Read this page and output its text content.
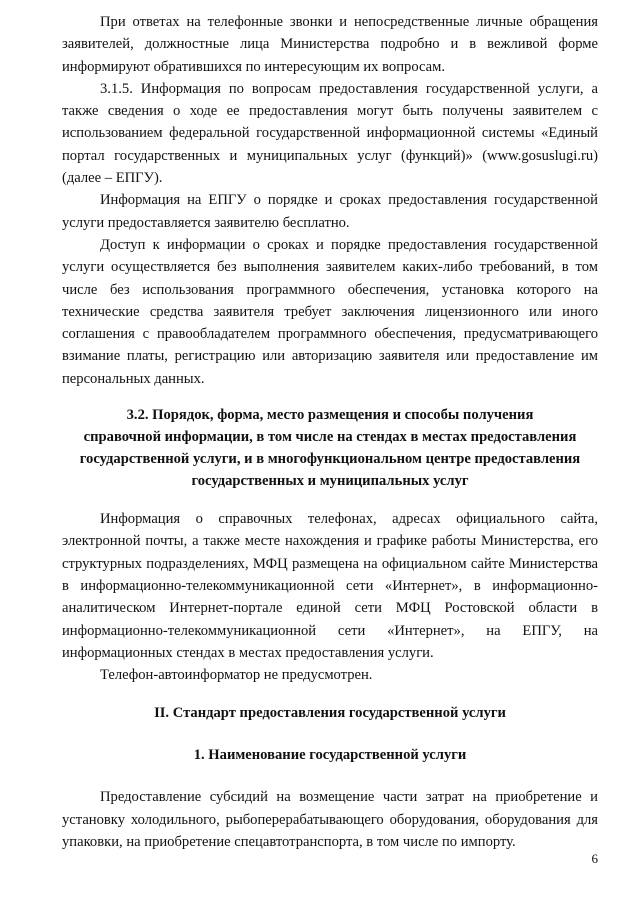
При ответах на телефонные звонки и непосредственные личные обращения заявителей, должностные лица Министерства подробно и в вежливой форме информируют обратившихся по интересующим их вопросам.

3.1.5. Информация по вопросам предоставления государственной услуги, а также сведения о ходе ее предоставления могут быть получены заявителем с использованием федеральной государственной информационной системы «Единый портал государственных и муниципальных услуг (функций)» (www.gosuslugi.ru) (далее – ЕПГУ).

Информация на ЕПГУ о порядке и сроках предоставления государственной услуги предоставляется заявителю бесплатно.

Доступ к информации о сроках и порядке предоставления государственной услуги осуществляется без выполнения заявителем каких-либо требований, в том числе без использования программного обеспечения, установка которого на технические средства заявителя требует заключения лицензионного или иного соглашения с правообладателем программного обеспечения, предусматривающего взимание платы, регистрацию или авторизацию заявителя или предоставление им персональных данных.

3.2. Порядок, форма, место размещения и способы получения

справочной информации, в том числе на стендах в местах предоставления

государственной услуги, и в многофункциональном центре предоставления

государственных и муниципальных услуг

Информация о справочных телефонах, адресах официального сайта, электронной почты, а также месте нахождения и графике работы Министерства, его структурных подразделениях, МФЦ размещена на официальном сайте Министерства в информационно-телекоммуникационной сети «Интернет», в информационно-аналитическом Интернет-портале единой сети МФЦ Ростовской области в информационно-телекоммуникационной сети «Интернет», на ЕПГУ, на информационных стендах в местах предоставления услуги.

Телефон-автоинформатор не предусмотрен.

II. Стандарт предоставления государственной услуги

1. Наименование государственной услуги

Предоставление субсидий на возмещение части затрат на приобретение и установку холодильного, рыбоперерабатывающего оборудования, оборудования для упаковки, на приобретение спецавтотранспорта, в том числе по импорту.

6
